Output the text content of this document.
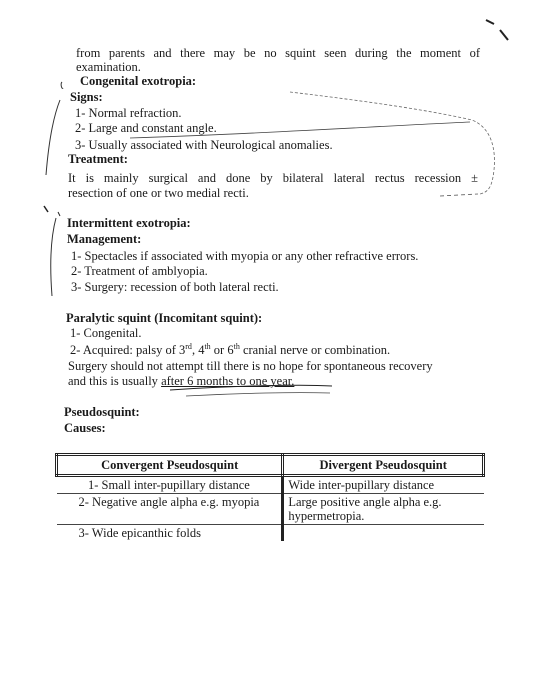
from parents and there may be no squint seen during the moment of
examination.
Congenital exotropia:
Signs:
1- Normal refraction.
2- Large and constant angle.
3- Usually associated with Neurological anomalies.
Treatment:
It is mainly surgical and done by bilateral lateral rectus recession ±
resection of one or two medial recti.
Intermittent exotropia:
Management:
1- Spectacles if associated with myopia or any other refractive errors.
2- Treatment of amblyopia.
3- Surgery: recession of both lateral recti.
Paralytic squint (Incomitant squint):
1- Congenital.
2- Acquired: palsy of 3rd, 4th or 6th cranial nerve or combination.
Surgery should not attempt till there is no hope for spontaneous recovery
and this is usually after 6 months to one year.
Pseudosquint:
Causes:
Convergent Pseudosquint	Divergent Pseudosquint
1- Small inter-pupillary distance	Wide inter-pupillary distance
2- Negative angle alpha e.g. myopia	Large positive angle alpha e.g. hypermetropia.
3- Wide epicanthic folds	
